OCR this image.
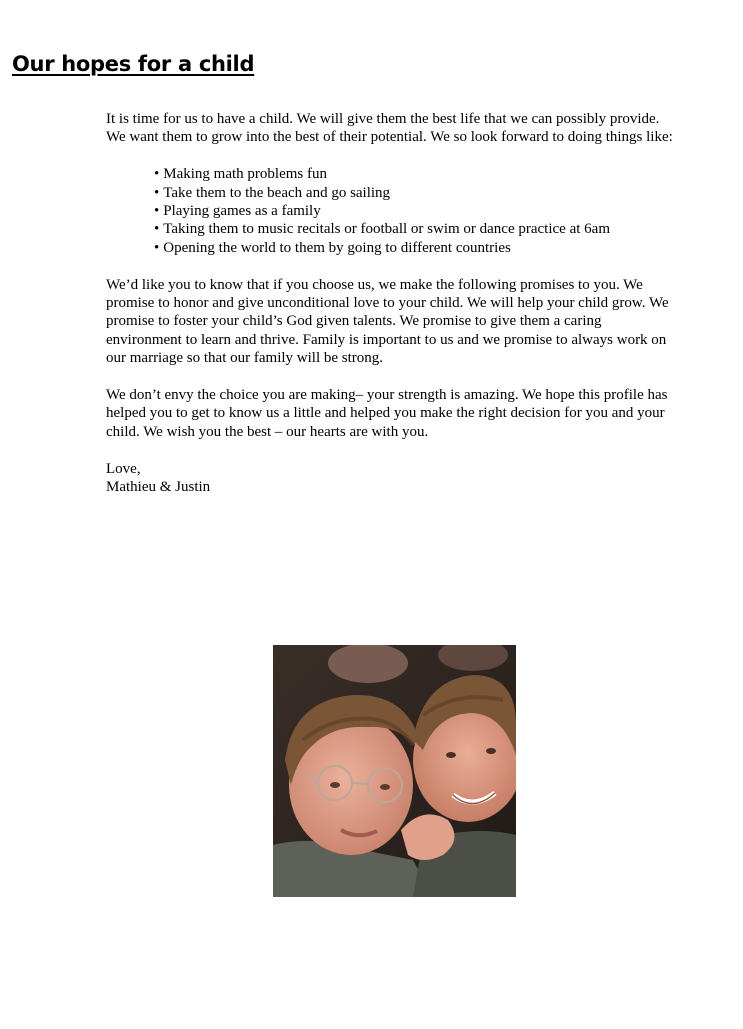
Our hopes for a child

It is time for us to have a child. We will give them the best life that we can possibly provide. We want them to grow into the best of their potential. We so look forward to doing things like:

• Making math problems fun
• Take them to the beach and go sailing
• Playing games as a family
• Taking them to music recitals or football or swim or dance practice at 6am
• Opening the world to them by going to different countries

We’d like you to know that if you choose us, we make the following promises to you. We promise to honor and give unconditional love to your child. We will help your child grow. We promise to foster your child’s God given talents. We promise to give them a caring environment to learn and thrive. Family is important to us and we promise to always work on our marriage so that our family will be strong.

We don’t envy the choice you are making– your strength is amazing. We hope this profile has helped you to get to know us a little and helped you make the right decision for you and your child. We wish you the best – our hearts are with you.

Love,

Mathieu & Justin
